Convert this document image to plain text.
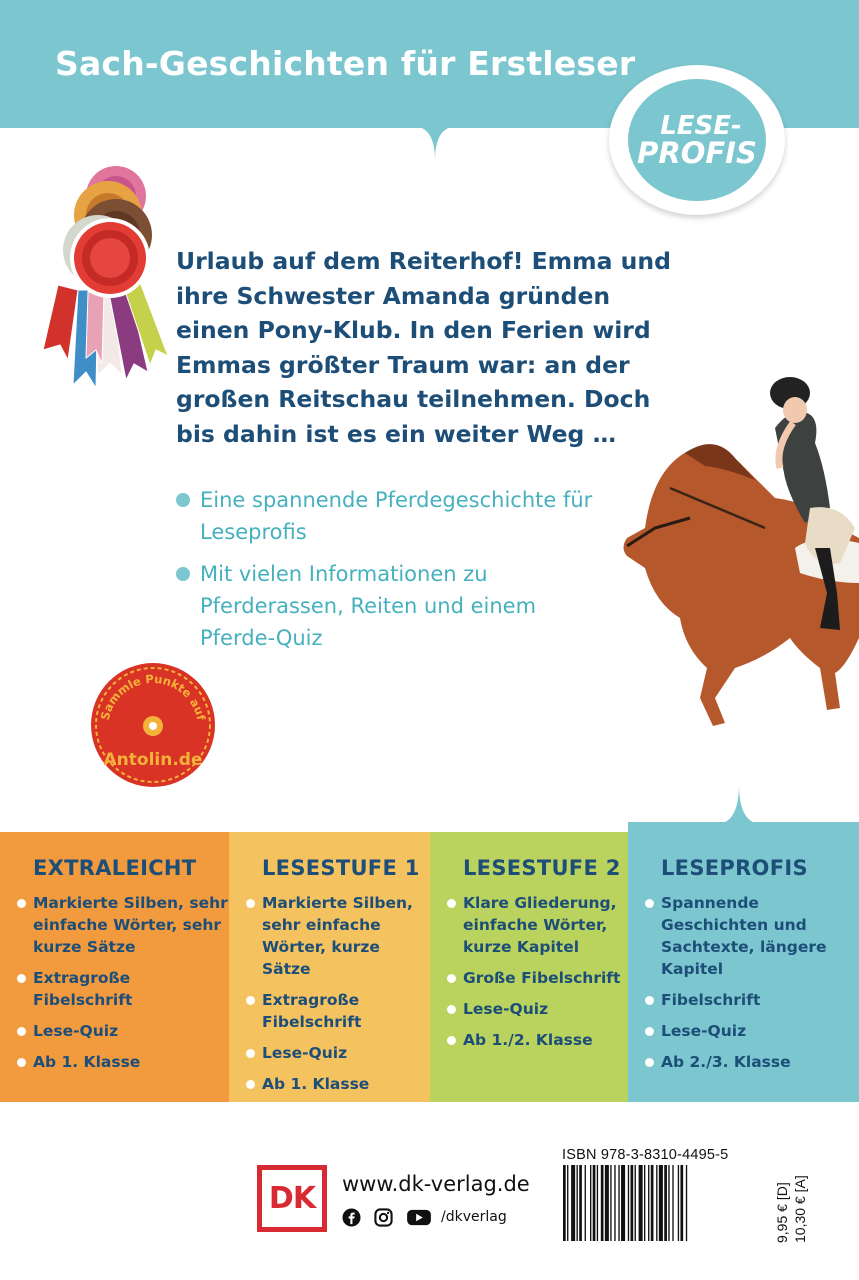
Sach-Geschichten für Erstleser
LESE-
PROFIS

Urlaub auf dem Reiterhof! Emma und ihre Schwester Amanda gründen einen Pony-Klub. In den Ferien wird Emmas größter Traum war: an der großen Reitschau teilnehmen. Doch bis dahin ist es ein weiter Weg …

Eine spannende Pferdegeschichte für Leseprofis
Mit vielen Informationen zu Pferderassen, Reiten und einem Pferde-Quiz
Sammle Punkte auf
Antolin.de
EXTRALEICHT
Markierte Silben, sehr einfache Wörter, sehr kurze Sätze
Extragroße Fibelschrift
Lese-Quiz
Ab 1. Klasse
LESESTUFE 1
Markierte Silben, sehr einfache Wörter, kurze Sätze
Extragroße Fibelschrift
Lese-Quiz
Ab 1. Klasse
LESESTUFE 2
Klare Gliederung, einfache Wörter, kurze Kapitel
Große Fibelschrift
Lese-Quiz
Ab 1./2. Klasse
LESEPROFIS
Spannende Geschichten und Sachtexte, längere Kapitel
Fibelschrift
Lese-Quiz
Ab 2./3. Klasse
DK www.dk-verlag.de
/dkverlag
ISBN 978-3-8310-4495-5
9,95 € [D] 10,30 € [A]
